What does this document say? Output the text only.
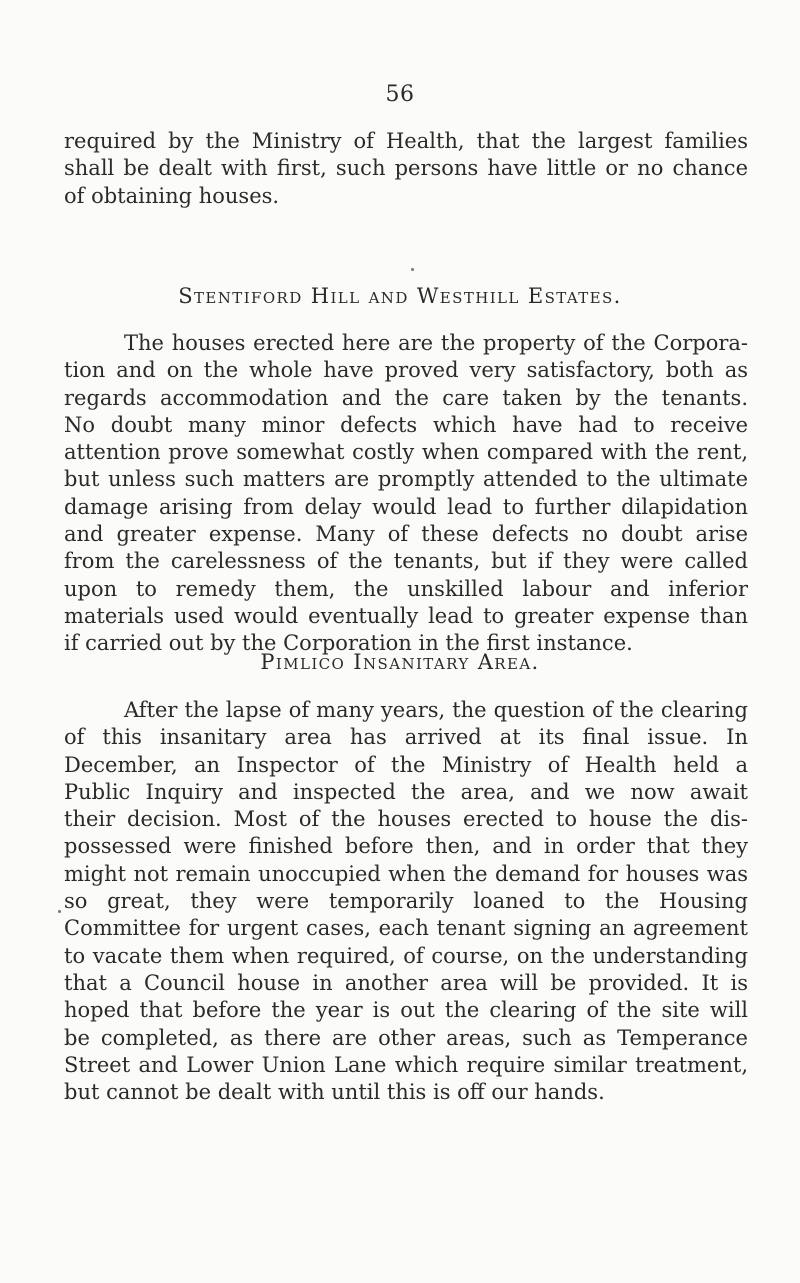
56
required by the Ministry of Health, that the largest families
shall be dealt with first, such persons have little or no chance
of obtaining houses.
Stentiford Hill and Westhill Estates.
The houses erected here are the property of the Corpora-
tion and on the whole have proved very satisfactory, both as
regards accommodation and the care taken by the tenants.
No doubt many minor defects which have had to receive
attention prove somewhat costly when compared with the rent,
but unless such matters are promptly attended to the ultimate
damage arising from delay would lead to further dilapidation
and greater expense. Many of these defects no doubt arise
from the carelessness of the tenants, but if they were called
upon to remedy them, the unskilled labour and inferior
materials used would eventually lead to greater expense than
if carried out by the Corporation in the first instance.
Pimlico Insanitary Area.
After the lapse of many years, the question of the clearing
of this insanitary area has arrived at its final issue. In
December, an Inspector of the Ministry of Health held a
Public Inquiry and inspected the area, and we now await
their decision. Most of the houses erected to house the dis-
possessed were finished before then, and in order that they
might not remain unoccupied when the demand for houses was
so great, they were temporarily loaned to the Housing
Committee for urgent cases, each tenant signing an agreement
to vacate them when required, of course, on the understanding
that a Council house in another area will be provided. It is
hoped that before the year is out the clearing of the site will
be completed, as there are other areas, such as Temperance
Street and Lower Union Lane which require similar treatment,
but cannot be dealt with until this is off our hands.
